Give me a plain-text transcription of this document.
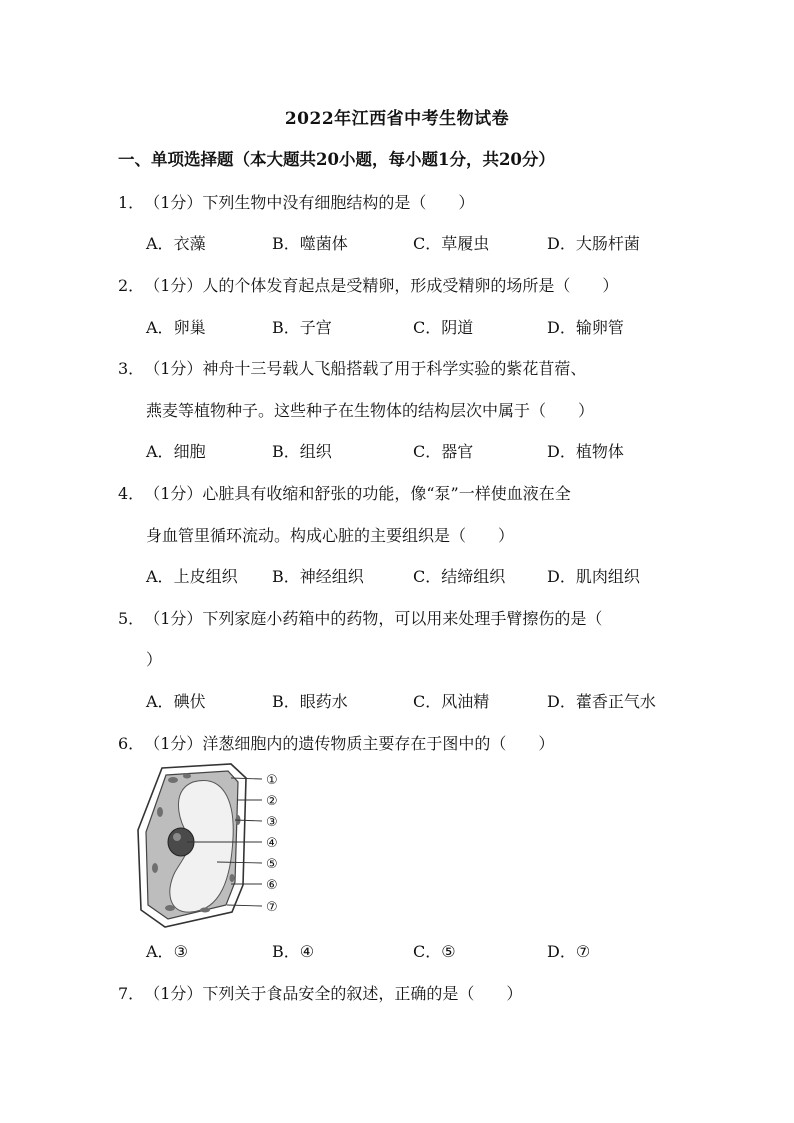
2022年江西省中考生物试卷
一、单项选择题（本大题共20小题，每小题1分，共20分）
1．（1分）下列生物中没有细胞结构的是（　　）
A．衣藻	B．噬菌体	C．草履虫	D．大肠杆菌
2．（1分）人的个体发育起点是受精卵，形成受精卵的场所是（　　）
A．卵巢	B．子宫	C．阴道	D．输卵管
3．（1分）神舟十三号载人飞船搭载了用于科学实验的紫花苜蓿、
燕麦等植物种子。这些种子在生物体的结构层次中属于（　　）
A．细胞	B．组织	C．器官	D．植物体
4．（1分）心脏具有收缩和舒张的功能，像“泵”一样使血液在全
身血管里循环流动。构成心脏的主要组织是（　　）
A．上皮组织 B．神经组织	C．结缔组织	D．肌肉组织
5．（1分）下列家庭小药箱中的药物，可以用来处理手臂擦伤的是（
）
A．碘伏	B．眼药水	C．风油精	D．藿香正气水
6．（1分）洋葱细胞内的遗传物质主要存在于图中的（　　）
①
②
③
④
⑤
⑥
⑦
A．③	B．④	C．⑤	D．⑦
7．（1分）下列关于食品安全的叙述，正确的是（　　）
